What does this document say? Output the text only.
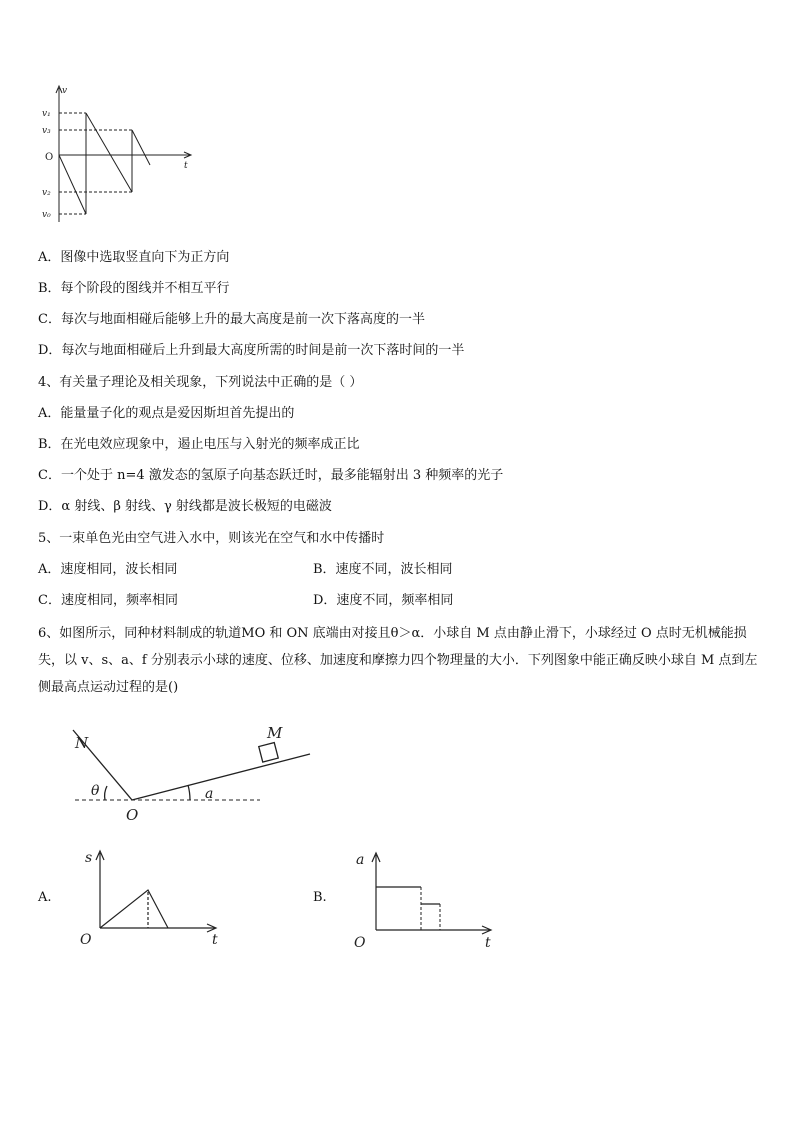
v
t
O
v₁
v₃
v₂
v₀
A．图像中选取竖直向下为正方向
B．每个阶段的图线并不相互平行
C．每次与地面相碰后能够上升的最大高度是前一次下落高度的一半
D．每次与地面相碰后上升到最大高度所需的时间是前一次下落时间的一半
4、有关量子理论及相关现象，下列说法中正确的是（ ）
A．能量量子化的观点是爱因斯坦首先提出的
B．在光电效应现象中，遏止电压与入射光的频率成正比
C．一个处于 n=4 激发态的氢原子向基态跃迁时，最多能辐射出 3 种频率的光子
D．α 射线、β 射线、γ 射线都是波长极短的电磁波
5、一束单色光由空气进入水中，则该光在空气和水中传播时
A．速度相同，波长相同	B．速度不同，波长相同
C．速度相同，频率相同	D．速度不同，频率相同
6、如图所示，同种材料制成的轨道MO 和 ON 底端由对接且θ＞α．小球自 M 点由静止滑下，小球经过 O 点时无机械能损失，以 v、s、a、f 分别表示小球的速度、位移、加速度和摩擦力四个物理量的大小．下列图象中能正确反映小球自 M 点到左侧最高点运动过程的是()
N
M
O
θ	a
A.
s
t
O
B.
a
t
O
